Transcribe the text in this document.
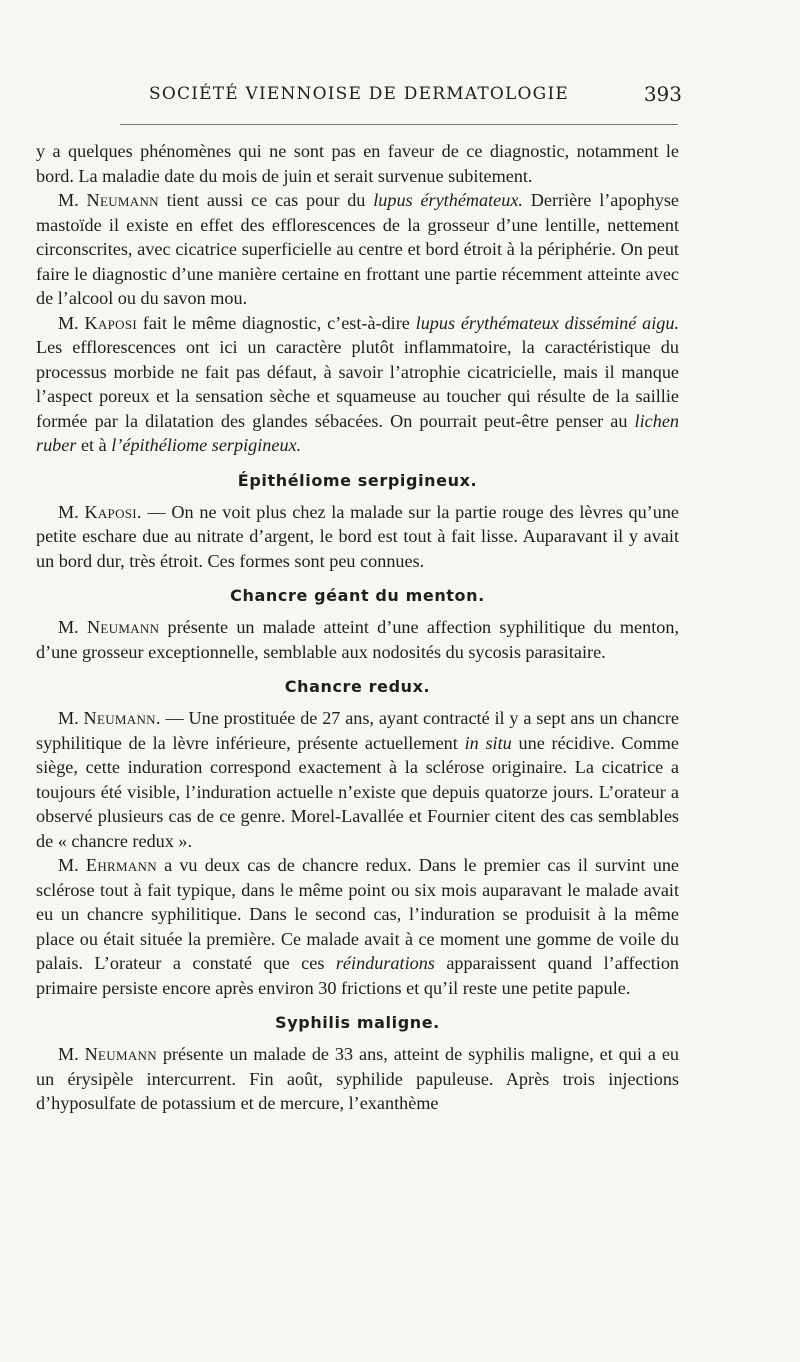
SOCIÉTÉ VIENNOISE DE DERMATOLOGIE	393

y a quelques phénomènes qui ne sont pas en faveur de ce diagnostic, notamment le bord. La maladie date du mois de juin et serait survenue subitement.

M. Neumann tient aussi ce cas pour du lupus érythémateux. Derrière l’apophyse mastoïde il existe en effet des efflorescences de la grosseur d’une lentille, nettement circonscrites, avec cicatrice superficielle au centre et bord étroit à la périphérie. On peut faire le diagnostic d’une manière certaine en frottant une partie récemment atteinte avec de l’alcool ou du savon mou.

M. Kaposi fait le même diagnostic, c’est-à-dire lupus érythémateux disséminé aigu. Les efflorescences ont ici un caractère plutôt inflammatoire, la caractéristique du processus morbide ne fait pas défaut, à savoir l’atrophie cicatricielle, mais il manque l’aspect poreux et la sensation sèche et squameuse au toucher qui résulte de la saillie formée par la dilatation des glandes sébacées. On pourrait peut-être penser au lichen ruber et à l’épithéliome serpigineux.

Épithéliome serpigineux.

M. Kaposi. — On ne voit plus chez la malade sur la partie rouge des lèvres qu’une petite eschare due au nitrate d’argent, le bord est tout à fait lisse. Auparavant il y avait un bord dur, très étroit. Ces formes sont peu connues.

Chancre géant du menton.

M. Neumann présente un malade atteint d’une affection syphilitique du menton, d’une grosseur exceptionnelle, semblable aux nodosités du sycosis parasitaire.

Chancre redux.

M. Neumann. — Une prostituée de 27 ans, ayant contracté il y a sept ans un chancre syphilitique de la lèvre inférieure, présente actuellement in situ une récidive. Comme siège, cette induration correspond exactement à la sclérose originaire. La cicatrice a toujours été visible, l’induration actuelle n’existe que depuis quatorze jours. L’orateur a observé plusieurs cas de ce genre. Morel-Lavallée et Fournier citent des cas semblables de « chancre redux ».

M. Ehrmann a vu deux cas de chancre redux. Dans le premier cas il survint une sclérose tout à fait typique, dans le même point ou six mois auparavant le malade avait eu un chancre syphilitique. Dans le second cas, l’induration se produisit à la même place ou était située la première. Ce malade avait à ce moment une gomme de voile du palais. L’orateur a constaté que ces réindurations apparaissent quand l’affection primaire persiste encore après environ 30 frictions et qu’il reste une petite papule.

Syphilis maligne.

M. Neumann présente un malade de 33 ans, atteint de syphilis maligne, et qui a eu un érysipèle intercurrent. Fin août, syphilide papuleuse. Après trois injections d’hyposulfate de potassium et de mercure, l’exanthème
